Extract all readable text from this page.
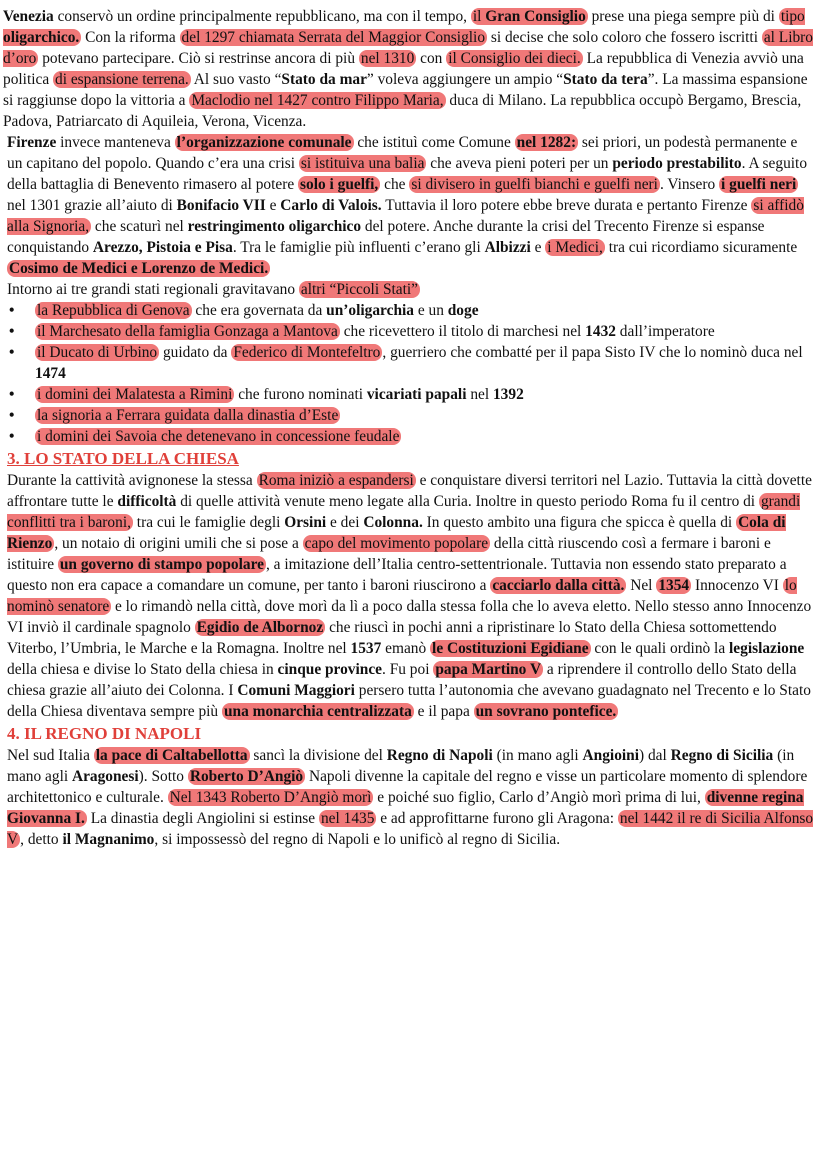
Venezia conservò un ordine principalmente repubblicano, ma con il tempo, il Gran Consiglio prese una piega sempre più di tipo oligarchico. Con la riforma del 1297 chiamata Serrata del Maggior Consiglio si decise che solo coloro che fossero iscritti al Libro d’oro potevano partecipare. Ciò si restrinse ancora di più nel 1310 con il Consiglio dei dieci. La repubblica di Venezia avviò una politica di espansione terrena. Al suo vasto “Stato da mar” voleva aggiungere un ampio “Stato da tera”. La massima espansione si raggiunse dopo la vittoria a Maclodio nel 1427 contro Filippo Maria, duca di Milano. La repubblica occupò Bergamo, Brescia, Padova, Patriarcato di Aquileia, Verona, Vicenza.

Firenze invece manteneva l’organizzazione comunale che istituì come Comune nel 1282: sei priori, un podestà permanente e un capitano del popolo. Quando c’era una crisi si istituiva una balia che aveva pieni poteri per un periodo prestabilito. A seguito della battaglia di Benevento rimasero al potere solo i guelfi, che si divisero in guelfi bianchi e guelfi neri . Vinsero i guelfi neri nel 1301 grazie all’aiuto di Bonifacio VII e Carlo di Valois. Tuttavia il loro potere ebbe breve durata e pertanto Firenze si affidò alla Signoria, che scaturì nel restringimento oligarchico del potere. Anche durante la crisi del Trecento Firenze si espanse conquistando Arezzo, Pistoia e Pisa. Tra le famiglie più influenti c’erano gli Albizzi e i Medici, tra cui ricordiamo sicuramente Cosimo de Medici e Lorenzo de Medici.

Intorno ai tre grandi stati regionali gravitavano altri “Piccoli Stati”

• la Repubblica di Genova che era governata da un’oligarchia e un doge
• il Marchesato della famiglia Gonzaga a Mantova che ricevettero il titolo di marchesi nel 1432 dall’imperatore
• il Ducato di Urbino guidato da Federico di Montefeltro , guerriero che combatté per il papa Sisto IV che lo nominò duca nel 1474
• i domini dei Malatesta a Rimini che furono nominati vicariati papali nel 1392
• la signoria a Ferrara guidata dalla dinastia d’Este
• i domini dei Savoia che detenevano in concessione feudale
3. LO STATO DELLA CHIESA

Durante la cattività avignonese la stessa Roma iniziò a espandersi e conquistare diversi territori nel Lazio. Tuttavia la città dovette affrontare tutte le difficoltà di quelle attività venute meno legate alla Curia. Inoltre in questo periodo Roma fu il centro di grandi conflitti tra i baroni, tra cui le famiglie degli Orsini e dei Colonna. In questo ambito una figura che spicca è quella di Cola di Rienzo , un notaio di origini umili che si pose a capo del movimento popolare della città riuscendo così a fermare i baroni e istituire un governo di stampo popolare , a imitazione dell’Italia centro-settentrionale. Tuttavia non essendo stato preparato a questo non era capace a comandare un comune, per tanto i baroni riuscirono a cacciarlo dalla città. Nel 1354 Innocenzo VI lo nominò senatore e lo rimandò nella città, dove morì da lì a poco dalla stessa folla che lo aveva eletto. Nello stesso anno Innocenzo VI inviò il cardinale spagnolo Egidio de Albornoz che riuscì in pochi anni a ripristinare lo Stato della Chiesa sottomettendo Viterbo, l’Umbria, le Marche e la Romagna. Inoltre nel 1537 emanò le Costituzioni Egidiane con le quali ordinò la legislazione della chiesa e divise lo Stato della chiesa in cinque province. Fu poi papa Martino V a riprendere il controllo dello Stato della chiesa grazie all’aiuto dei Colonna. I Comuni Maggiori persero tutta l’autonomia che avevano guadagnato nel Trecento e lo Stato della Chiesa diventava sempre più una monarchia centralizzata e il papa un sovrano pontefice.

4. IL REGNO DI NAPOLI

Nel sud Italia la pace di Caltabellotta sancì la divisione del Regno di Napoli (in mano agli Angioini) dal Regno di Sicilia (in mano agli Aragonesi). Sotto Roberto D’Angiò Napoli divenne la capitale del regno e visse un particolare momento di splendore architettonico e culturale. Nel 1343 Roberto D’Angiò morì e poiché suo figlio, Carlo d’Angiò morì prima di lui, divenne regina Giovanna I. La dinastia degli Angiolini si estinse nel 1435 e ad approfittarne furono gli Aragona: nel 1442 il re di Sicilia Alfonso V , detto il Magnanimo, si impossessò del regno di Napoli e lo unificò al regno di Sicilia.
